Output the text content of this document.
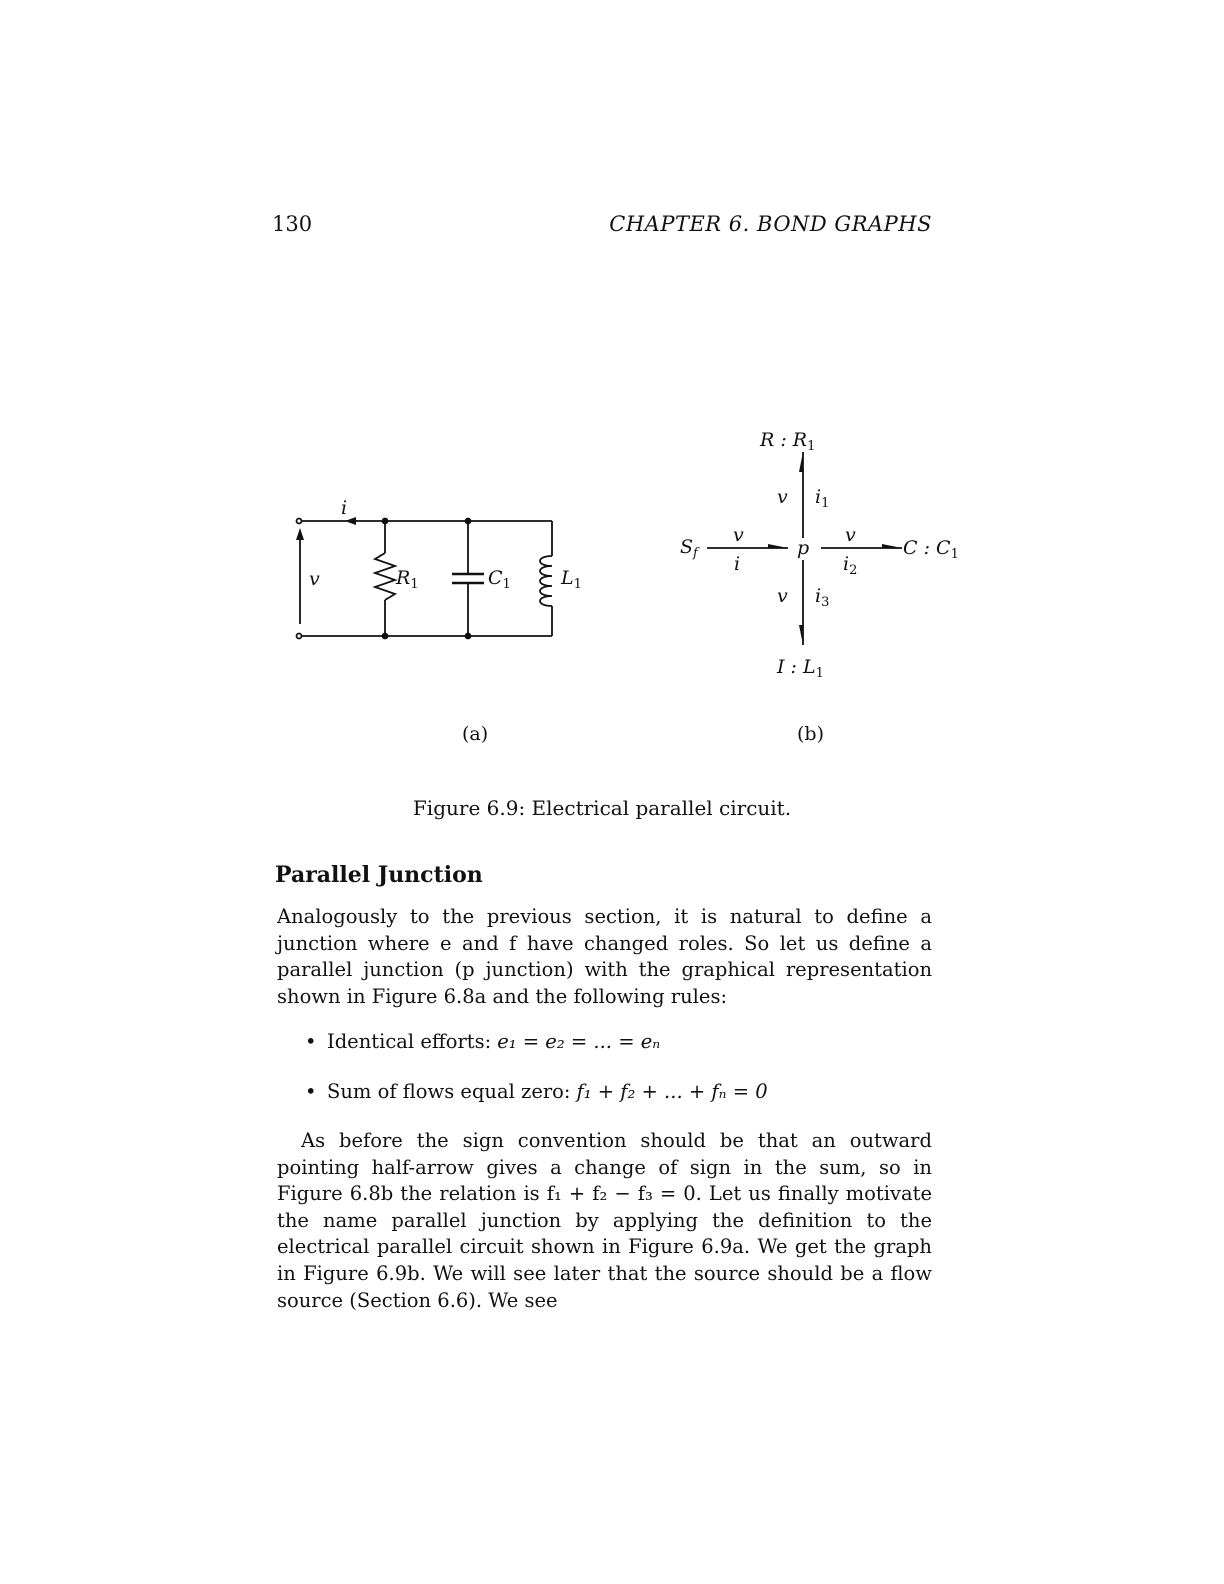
130	CHAPTER 6. BOND GRAPHS
i
v	$R_1$	$C_1$	$L_1$
(a)
R : $R_1$
$S_f$	p	C : $C_1$
I : $L_1$
v
i
v
$i_2$
v $i_1$
v $i_3$
(b)
Figure 6.9: Electrical parallel circuit.
Parallel Junction

Analogously to the previous section, it is natural to define a junction where e and f have changed roles. So let us define a parallel junction (p junction) with the graphical representation shown in Figure 6.8a and the following rules:

• Identical efforts: e₁ = e₂ = ... = eₙ
• Sum of flows equal zero: f₁ + f₂ + ... + fₙ = 0

As before the sign convention should be that an outward pointing half-arrow gives a change of sign in the sum, so in Figure 6.8b the relation is f₁ + f₂ − f₃ = 0. Let us finally motivate the name parallel junction by applying the definition to the electrical parallel circuit shown in Figure 6.9a. We get the graph in Figure 6.9b. We will see later that the source should be a flow source (Section 6.6). We see
